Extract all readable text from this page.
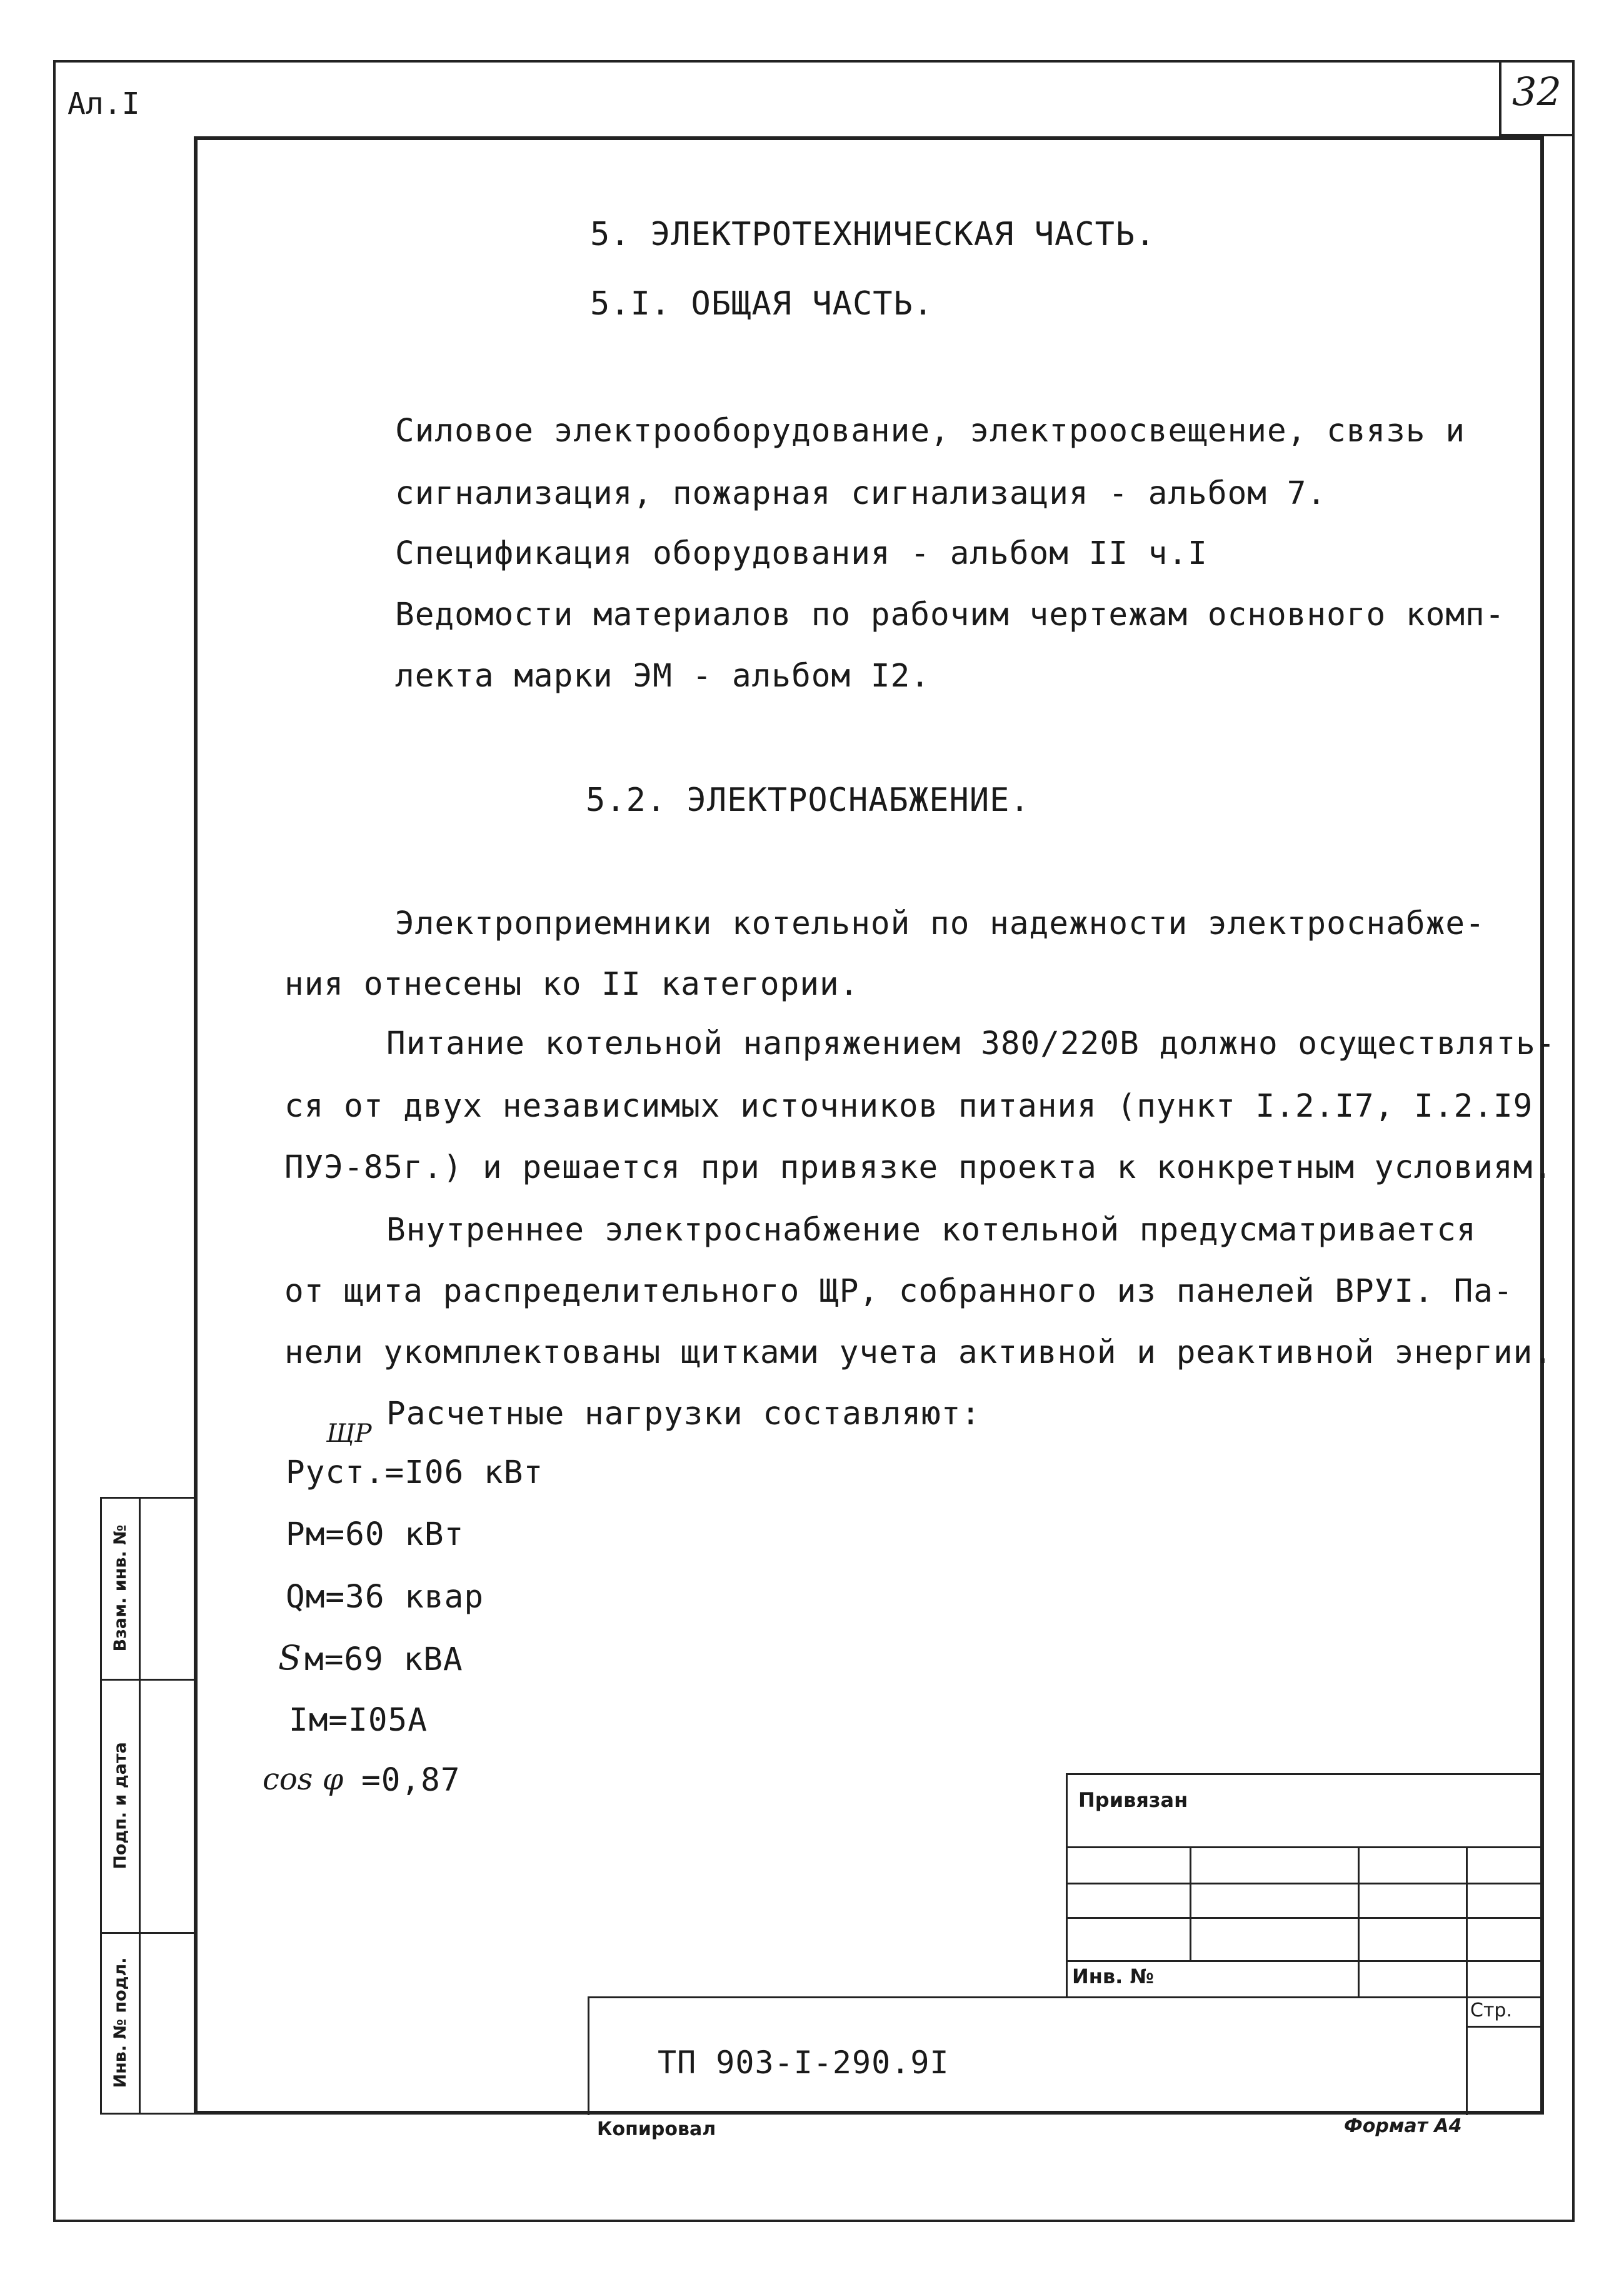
Ал.I	32
5. ЭЛЕКТРОТЕХНИЧЕСКАЯ ЧАСТЬ.
5.I. ОБЩАЯ ЧАСТЬ.
Силовое электрооборудование, электроосвещение, связь и
сигнализация, пожарная сигнализация - альбом 7.
Спецификация оборудования - альбом II ч.I
Ведомости материалов по рабочим чертежам основного комп-
лекта марки ЭМ - альбом I2.
5.2. ЭЛЕКТРОСНАБЖЕНИЕ.
Электроприемники котельной по надежности электроснабже-
ния отнесены ко II категории.
Питание котельной напряжением 380/220В должно осуществлять-
ся от двух независимых источников питания (пункт I.2.I7, I.2.I9
ПУЭ-85г.) и решается при привязке проекта к конкретным условиям.
Внутреннее электроснабжение котельной предусматривается
от щита распределительного ЩР, собранного из панелей ВРУI. Па-
нели укомплектованы щитками учета активной и реактивной энергии.
Расчетные нагрузки составляют:
ЩР
Руст.=I06 кВт
Рм=60 кВт
Qм=36 квар
S м=69 кВА
Iм=I05А
cos φ =0,87
Взам. инв. №
Подп. и дата
Инв. № подл.
Привязан
Инв. №
Стр.
ТП 903-I-290.9I
Копировал	Формат А4
